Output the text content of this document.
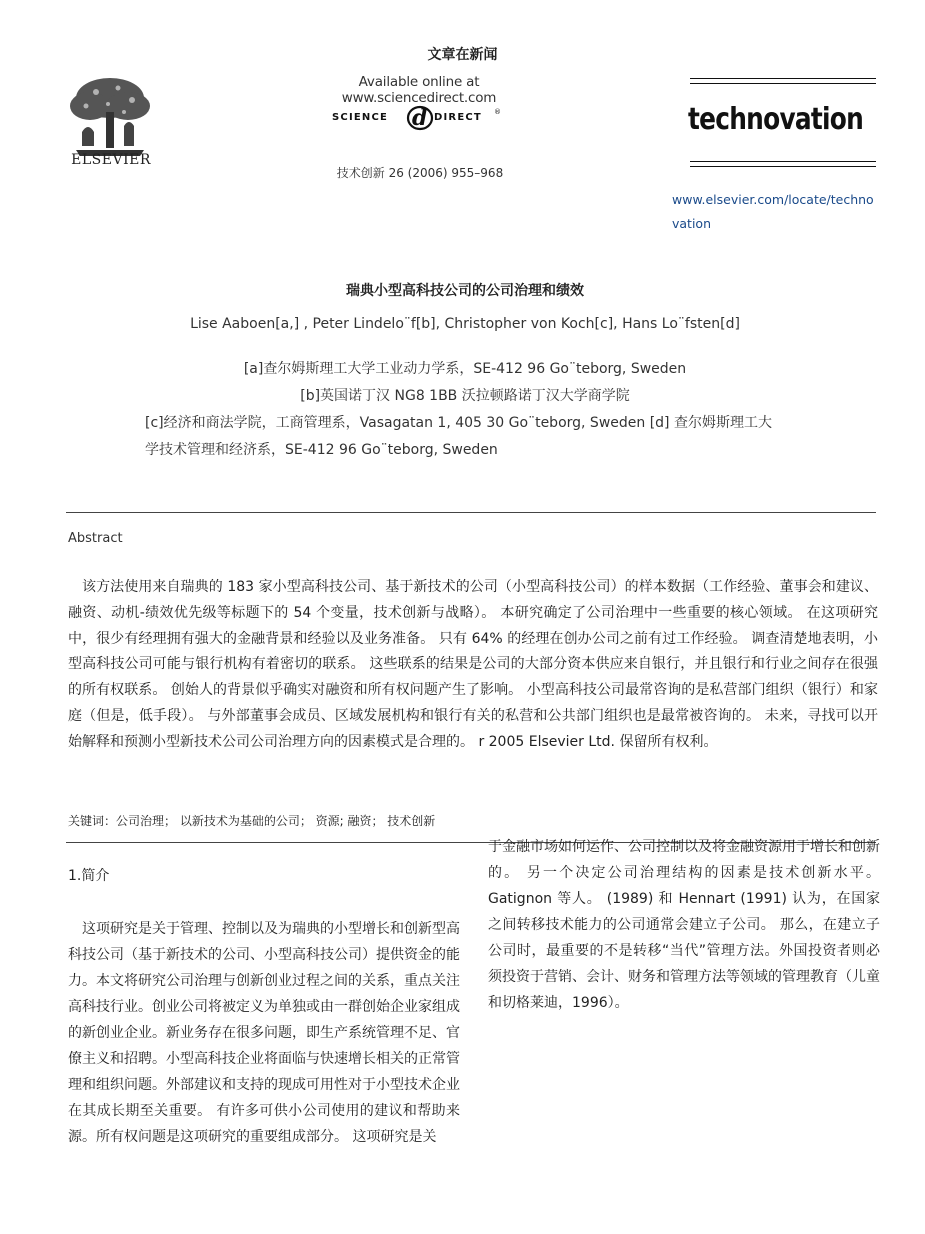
文章在新闻
Available online at www.sciencedirect.com
SCIENCE d DIRECT ®
技术创新 26 (2006) 955–968
ELSEVIER
technovation
www.elsevier.com/locate/technovation
瑞典小型高科技公司的公司治理和绩效
Lise Aaboen[a,] , Peter Lindelo¨f[b], Christopher von Koch[c], Hans Lo¨fsten[d]
[a]查尔姆斯理工大学工业动力学系，SE-412 96 Go¨teborg, Sweden
[b]英国诺丁汉 NG8 1BB 沃拉顿路诺丁汉大学商学院
[c]经济和商法学院，工商管理系，Vasagatan 1, 405 30 Go¨teborg, Sweden [d] 查尔姆斯理工大
学技术管理和经济系，SE-412 96 Go¨teborg, Sweden
Abstract
该方法使用来自瑞典的 183 家小型高科技公司、基于新技术的公司（小型高科技公司）的样本数据（工作经验、董事会和建议、融资、动机-绩效优先级等标题下的 54 个变量，技术创新与战略）。 本研究确定了公司治理中一些重要的核心领域。 在这项研究中，很少有经理拥有强大的金融背景和经验以及业务准备。 只有 64% 的经理在创办公司之前有过工作经验。 调查清楚地表明，小型高科技公司可能与银行机构有着密切的联系。 这些联系的结果是公司的大部分资本供应来自银行，并且银行和行业之间存在很强的所有权联系。 创始人的背景似乎确实对融资和所有权问题产生了影响。 小型高科技公司最常咨询的是私营部门组织（银行）和家庭（但是，低手段）。 与外部董事会成员、区域发展机构和银行有关的私营和公共部门组织也是最常被咨询的。 未来，寻找可以开始解释和预测小型新技术公司公司治理方向的因素模式是合理的。 r 2005 Elsevier Ltd. 保留所有权利。
关键词：公司治理； 以新技术为基础的公司； 资源; 融资； 技术创新
1.简介
这项研究是关于管理、控制以及为瑞典的小型增长和创新型高科技公司（基于新技术的公司、小型高科技公司）提供资金的能力。本文将研究公司治理与创新创业过程之间的关系，重点关注高科技行业。创业公司将被定义为单独或由一群创始企业家组成的新创业企业。新业务存在很多问题，即生产系统管理不足、官僚主义和招聘。小型高科技企业将面临与快速增长相关的正常管理和组织问题。外部建议和支持的现成可用性对于小型技术企业在其成长期至关重要。 有许多可供小公司使用的建议和帮助来源。所有权问题是这项研究的重要组成部分。 这项研究是关
于金融市场如何运作、公司控制以及将金融资源用于增长和创新的。 另一个决定公司治理结构的因素是技术创新水平。 Gatignon 等人。 (1989) 和 Hennart (1991) 认为，在国家之间转移技术能力的公司通常会建立子公司。 那么，在建立子公司时，最重要的不是转移“当代”管理方法。外国投资者则必须投资于营销、会计、财务和管理方法等领域的管理教育（儿童和切格莱迪，1996）。
